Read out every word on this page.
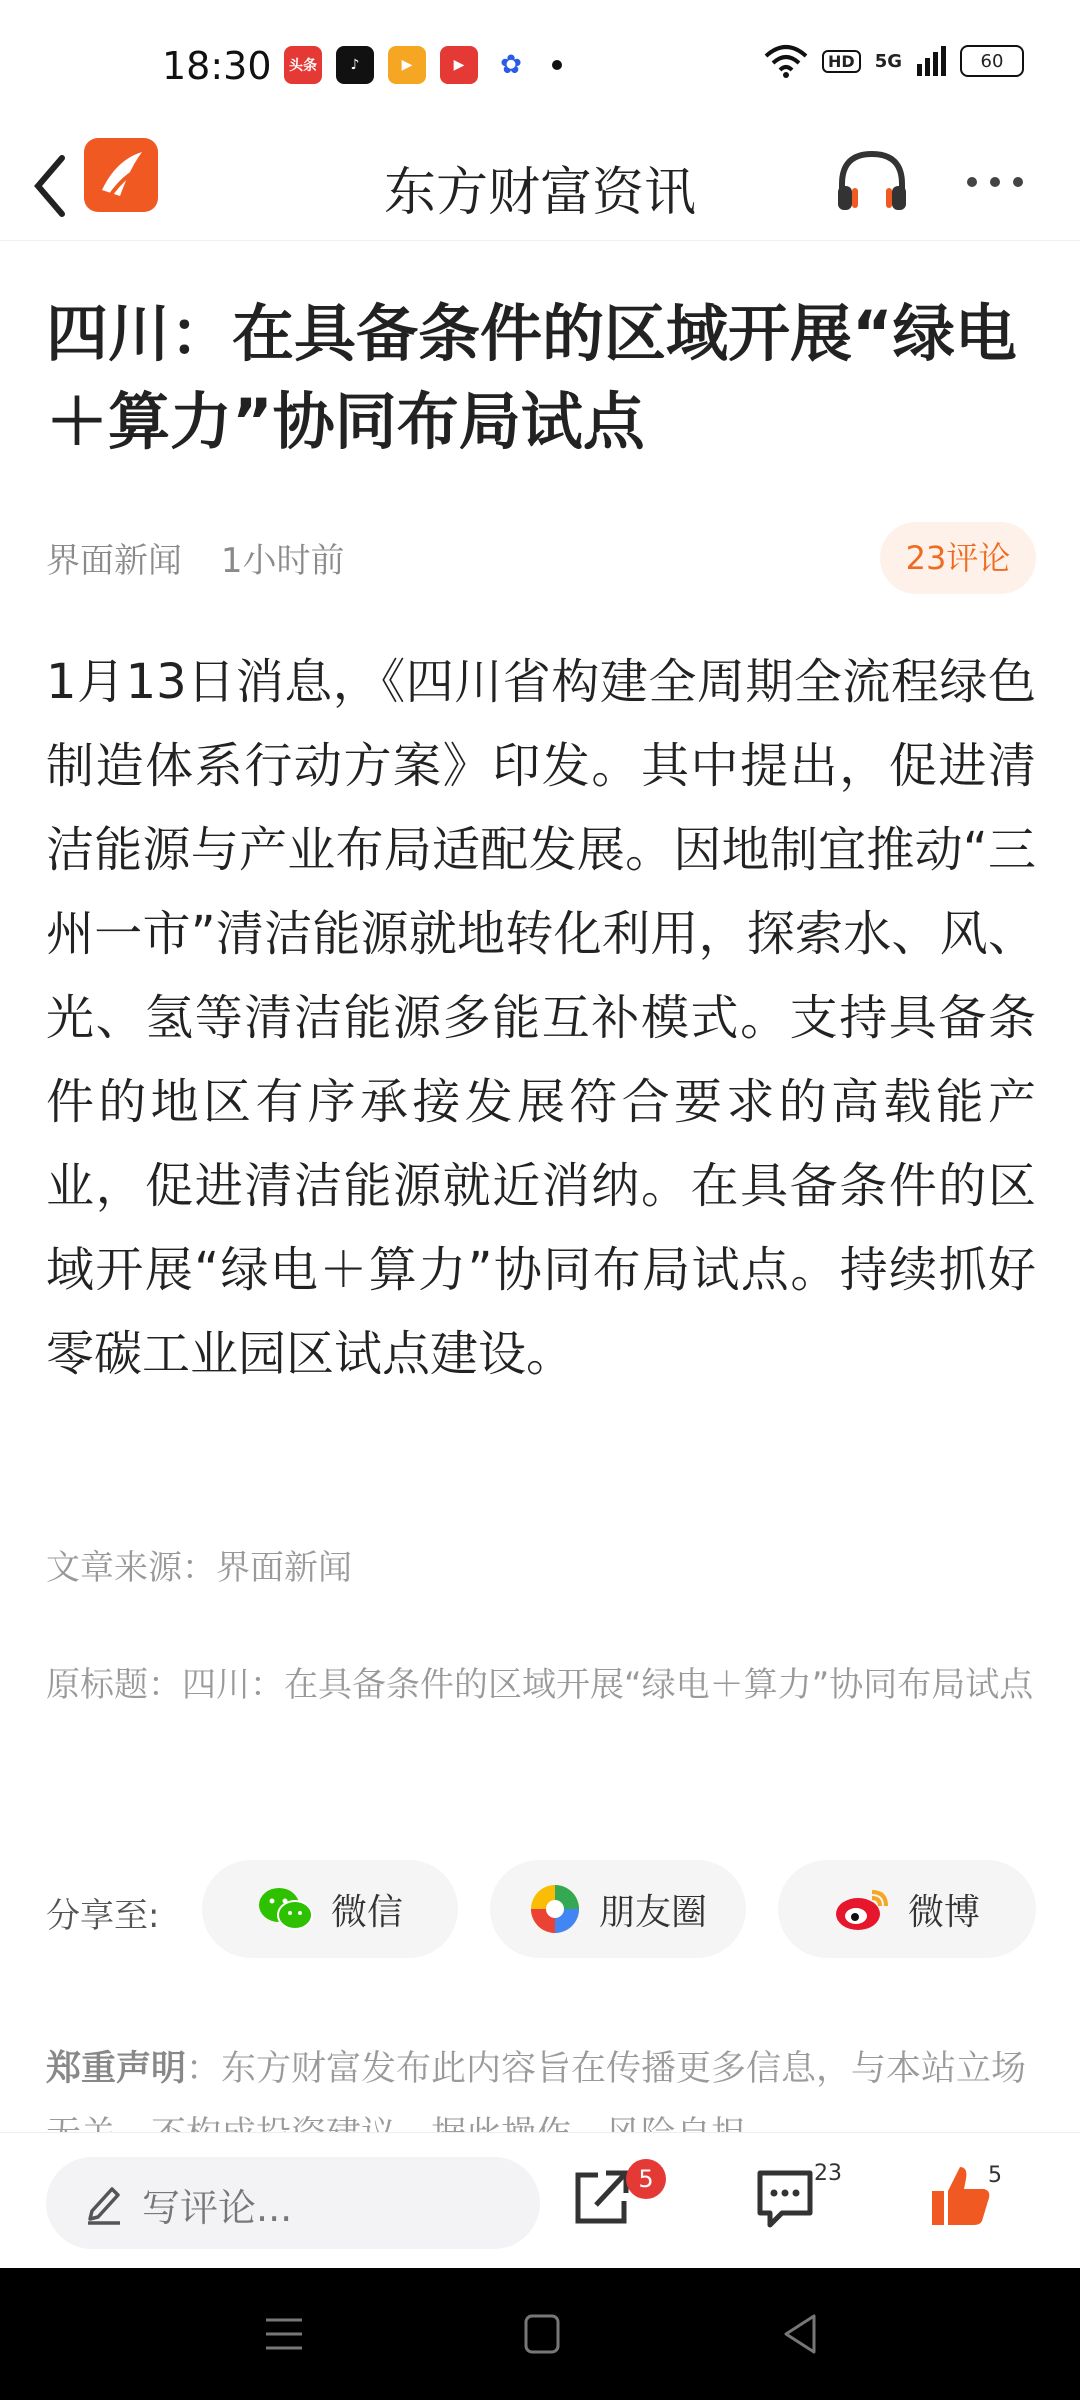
18:30	头条	♪	▶	▶	✿	HD	5G	60
东方财富资讯
四川：在具备条件的区域开展“绿电＋算力”协同布局试点
界面新闻 1小时前	23评论
1月13日消息，《四川省构建全周期全流程绿色制造体系行动方案》印发。其中提出，促进清洁能源与产业布局适配发展。因地制宜推动“三州一市”清洁能源就地转化利用，探索水、风、光、氢等清洁能源多能互补模式。支持具备条件的地区有序承接发展符合要求的高载能产业，促进清洁能源就近消纳。在具备条件的区域开展“绿电＋算力”协同布局试点。持续抓好零碳工业园区试点建设。
文章来源：界面新闻
原标题：四川：在具备条件的区域开展“绿电＋算力”协同布局试点
分享至:	微信	朋友圈	微博
郑重声明：东方财富发布此内容旨在传播更多信息，与本站立场
写评论...
5	23	5
